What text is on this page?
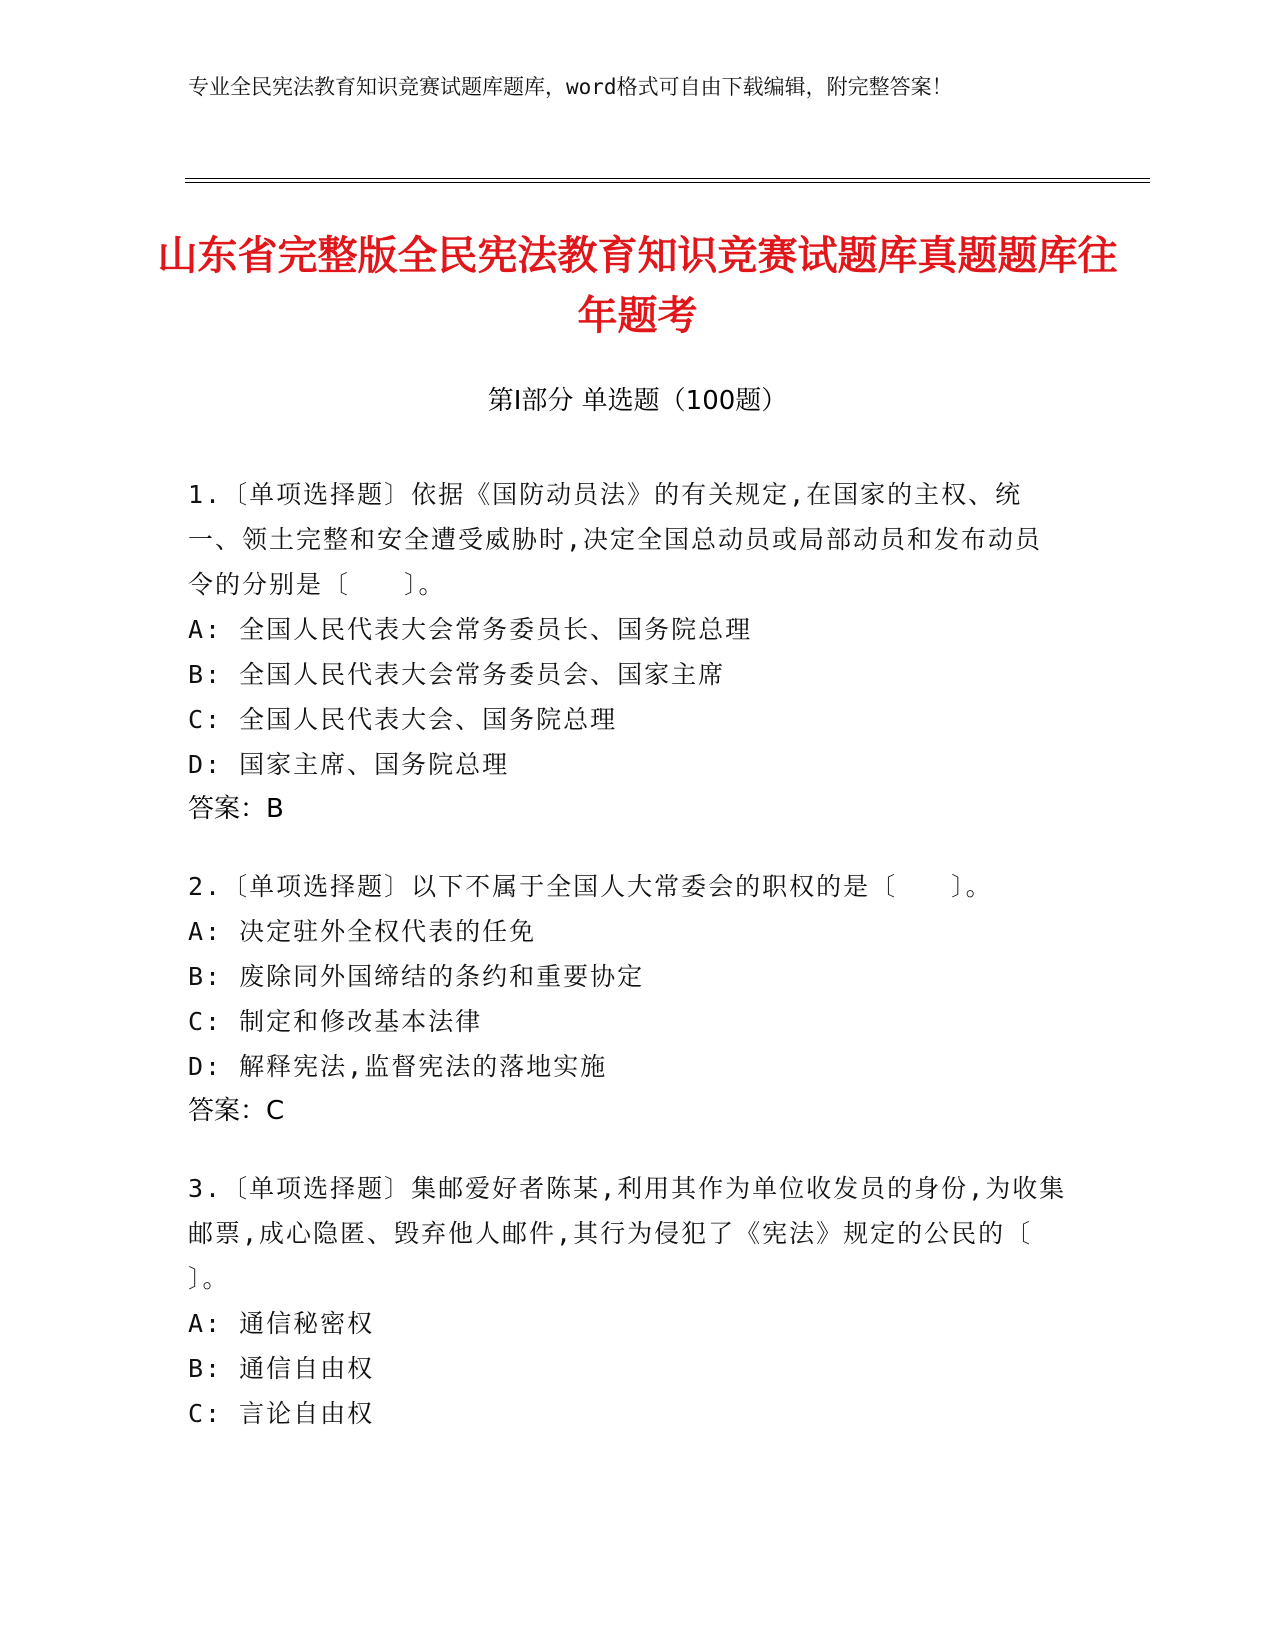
专业全民宪法教育知识竞赛试题库题库，word格式可自由下载编辑，附完整答案！
山东省完整版全民宪法教育知识竞赛试题库真题题库往年题考
第Ⅰ部分 单选题（100题）
1.〔单项选择题〕依据《国防动员法》的有关规定,在国家的主权、统一、领土完整和安全遭受威胁时,决定全国总动员或局部动员和发布动员令的分别是〔　　〕。
A: 全国人民代表大会常务委员长、国务院总理
B: 全国人民代表大会常务委员会、国家主席
C: 全国人民代表大会、国务院总理
D: 国家主席、国务院总理
答案：B
2.〔单项选择题〕以下不属于全国人大常委会的职权的是〔　　〕。
A: 决定驻外全权代表的任免
B: 废除同外国缔结的条约和重要协定
C: 制定和修改基本法律
D: 解释宪法,监督宪法的落地实施
答案：C
3.〔单项选择题〕集邮爱好者陈某,利用其作为单位收发员的身份,为收集邮票,成心隐匿、毁弃他人邮件,其行为侵犯了《宪法》规定的公民的〔　　〕。
A: 通信秘密权
B: 通信自由权
C: 言论自由权
